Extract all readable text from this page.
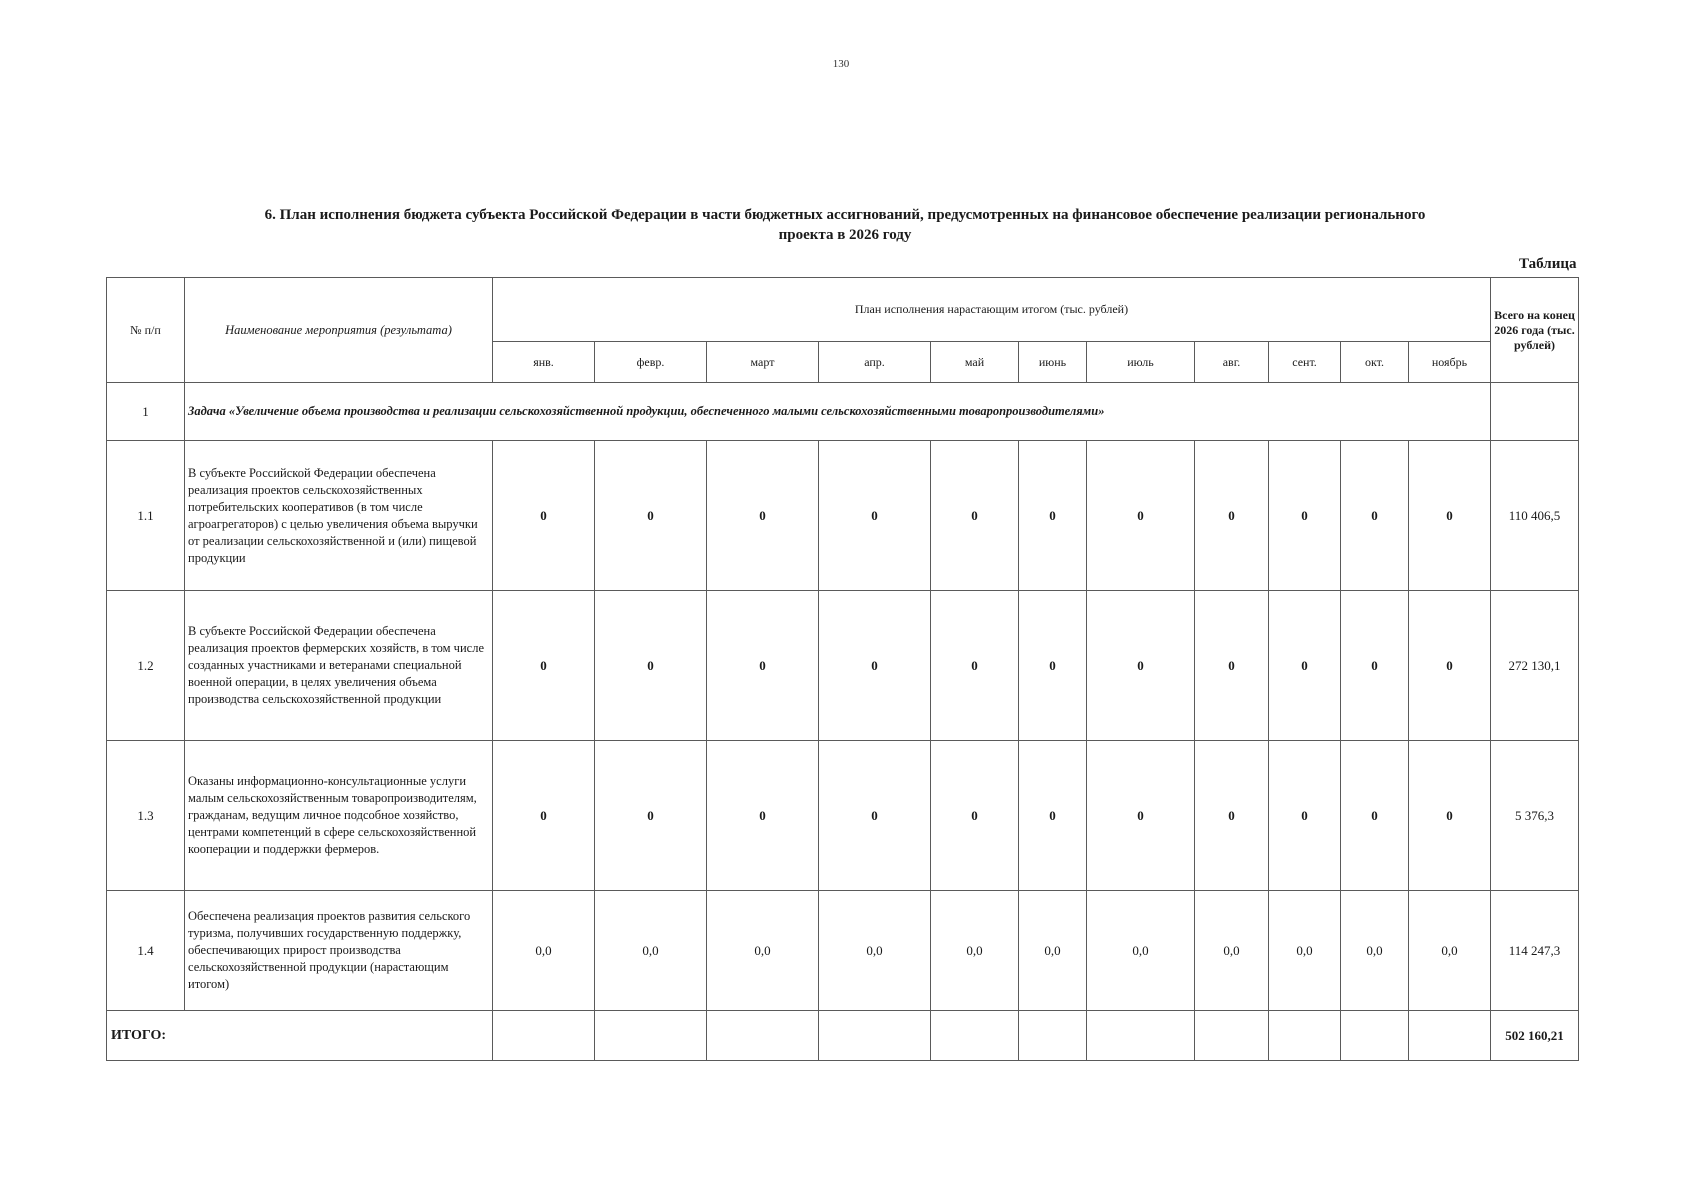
130
6. План исполнения бюджета субъекта Российской Федерации в части бюджетных ассигнований, предусмотренных на финансовое обеспечение реализации регионального
проекта в 2026 году
Таблица													
№ п/п	Наименование мероприятия (результата)	План исполнения нарастающим итогом (тыс. рублей)											Всего на конец 2026 года (тыс. рублей)
		янв.	февр.	март	апр.	май	июнь	июль	авг.	сент.	окт.	ноябрь	
1	Задача «Увеличение объема производства и реализации сельскохозяйственной продукции, обеспеченного малыми сельскохозяйственными товаропроизводителями»												
1.1	В субъекте Российской Федерации обеспечена реализация проектов сельскохозяйственных потребительских кооперативов (в том числе агроагрегаторов) с целью увеличения объема выручки от реализации сельскохозяйственной и (или) пищевой продукции	0	0	0	0	0	0	0	0	0	0	0	110 406,5
1.2	В субъекте Российской Федерации обеспечена реализация проектов фермерских хозяйств, в том числе созданных участниками и ветеранами специальной военной операции, в целях увеличения объема производства сельскохозяйственной продукции	0	0	0	0	0	0	0	0	0	0	0	272 130,1
1.3	Оказаны информационно-консультационные услуги малым сельскохозяйственным товаропроизводителям, гражданам, ведущим личное подсобное хозяйство, центрами компетенций в сфере сельскохозяйственной кооперации и поддержки фермеров.	0	0	0	0	0	0	0	0	0	0	0	5 376,3
1.4	Обеспечена реализация проектов развития сельского туризма, получивших государственную поддержку, обеспечивающих прирост производства сельскохозяйственной продукции (нарастающим итогом)	0,0	0,0	0,0	0,0	0,0	0,0	0,0	0,0	0,0	0,0	0,0	114 247,3
ИТОГО:													502 160,21
